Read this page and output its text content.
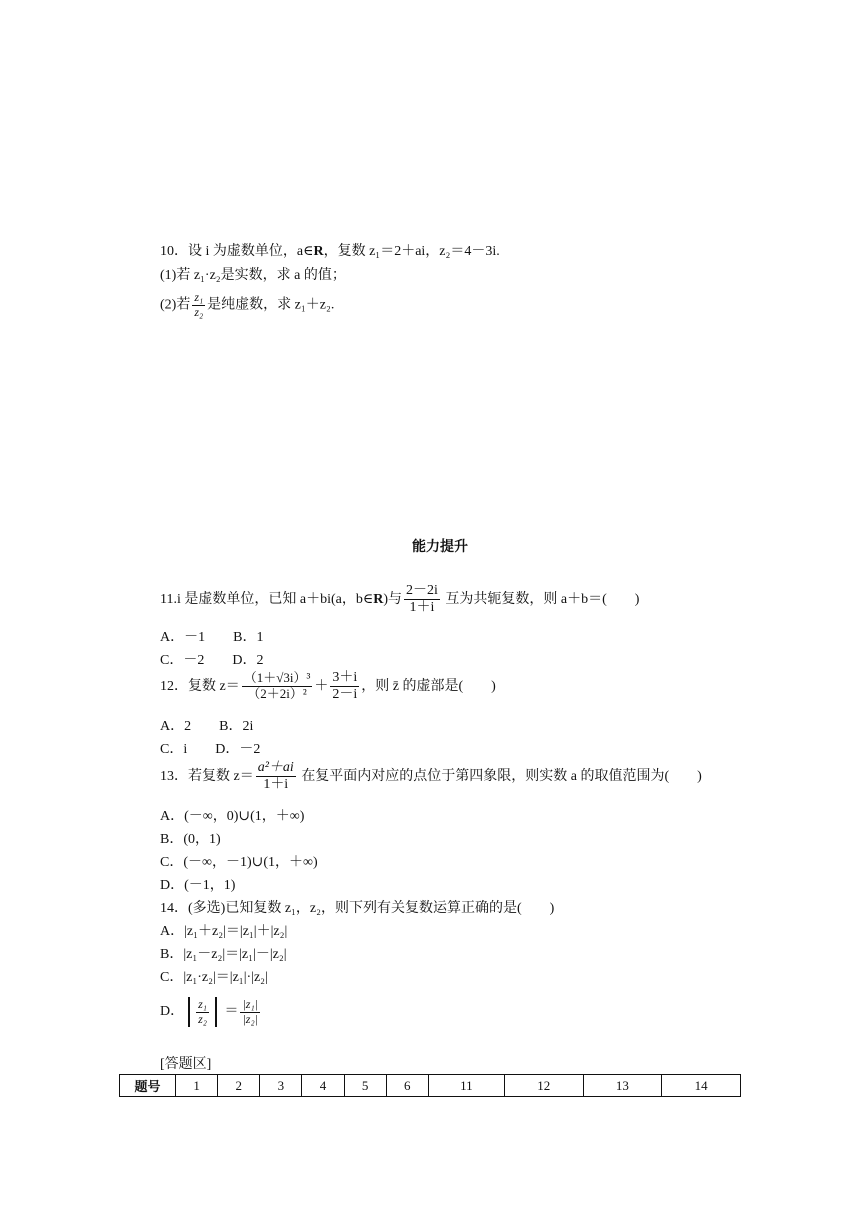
10．设 i 为虚数单位，a∈R，复数 z₁＝2＋ai，z₂＝4－3i.
(1)若 z₁·z₂是实数，求 a 的值；
(2)若 $\frac{\text{z₁}}{\text{z₂}}$ 是纯虚数，求 z₁＋z₂.
能力提升
11.i 是虚数单位，已知 a＋bi(a，b∈R)与 $\frac{2-2i}{1+i}$ 互为共轭复数，则 a＋b＝(　　)
A．－1　　B．1
C．－2　　D．2
12．复数 $z= \frac{\text{（1＋√3i）³}}{\text{（2＋2i）²}} + \frac{3+i}{2-i}$ ，则 z̄ 的虚部是(　　)
A．2　　B．2i
C．i　　D．－2
13．若复数 $z= \frac{\text{a²＋ai}}{1+i}$ 在复平面内对应的点位于第四象限，则实数 a 的取值范围为(　　)
A．(－∞，0)∪(1，＋∞)
B．(0，1)
C．(－∞，－1)∪(1，＋∞)
D．(－1，1)
14．(多选)已知复数 z₁，z₂，则下列有关复数运算正确的是(　　)
A．|z₁＋z₂|＝|z₁|＋|z₂|
B．|z₁－z₂|＝|z₁|－|z₂|
C．|z₁·z₂|＝|z₁|·|z₂|
D． $\frac{\text{z₁}}{\text{z₂}} = \frac{\text{|z₁|}}{\text{|z₂|}}$
[答题区]
题号	1	2	3	4	5	6	11	12	13	14
